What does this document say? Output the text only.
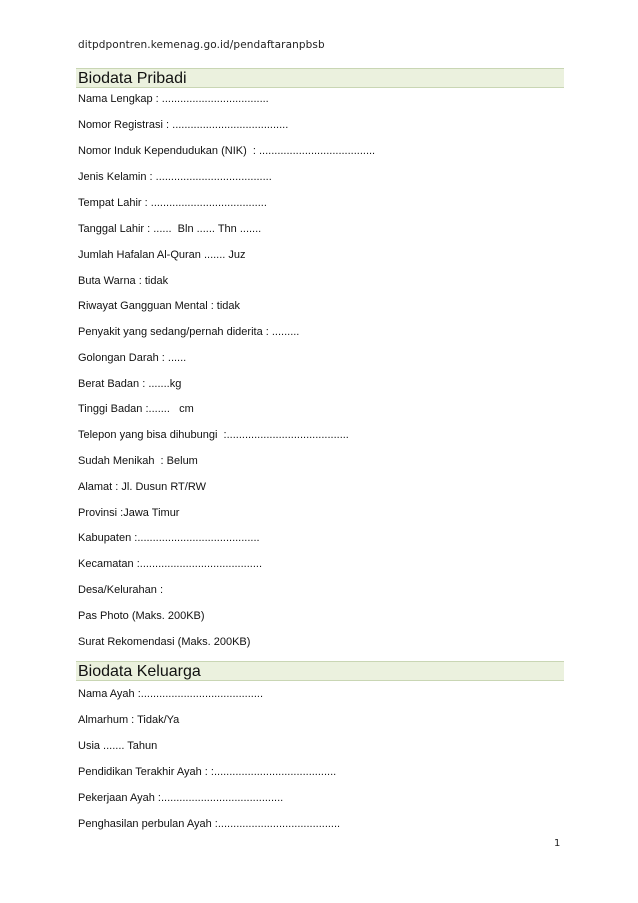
ditpdpontren.kemenag.go.id/pendaftaranpbsb
Biodata Pribadi
Nama Lengkap : ...................................
Nomor Registrasi : ......................................
Nomor Induk Kependudukan (NIK)  : ......................................
Jenis Kelamin : ......................................
Tempat Lahir : ......................................
Tanggal Lahir : ......  Bln ...... Thn .......
Jumlah Hafalan Al-Quran ....... Juz
Buta Warna : tidak
Riwayat Gangguan Mental : tidak
Penyakit yang sedang/pernah diderita : .........
Golongan Darah : ......
Berat Badan : .......kg
Tinggi Badan :.......   cm
Telepon yang bisa dihubungi  :........................................
Sudah Menikah  : Belum
Alamat : Jl. Dusun RT/RW
Provinsi :Jawa Timur
Kabupaten :........................................
Kecamatan :........................................
Desa/Kelurahan :
Pas Photo (Maks. 200KB)
Surat Rekomendasi (Maks. 200KB)
Biodata Keluarga
Nama Ayah :........................................
Almarhum : Tidak/Ya
Usia ....... Tahun
Pendidikan Terakhir Ayah : :........................................
Pekerjaan Ayah :........................................
Penghasilan perbulan Ayah :........................................
1
